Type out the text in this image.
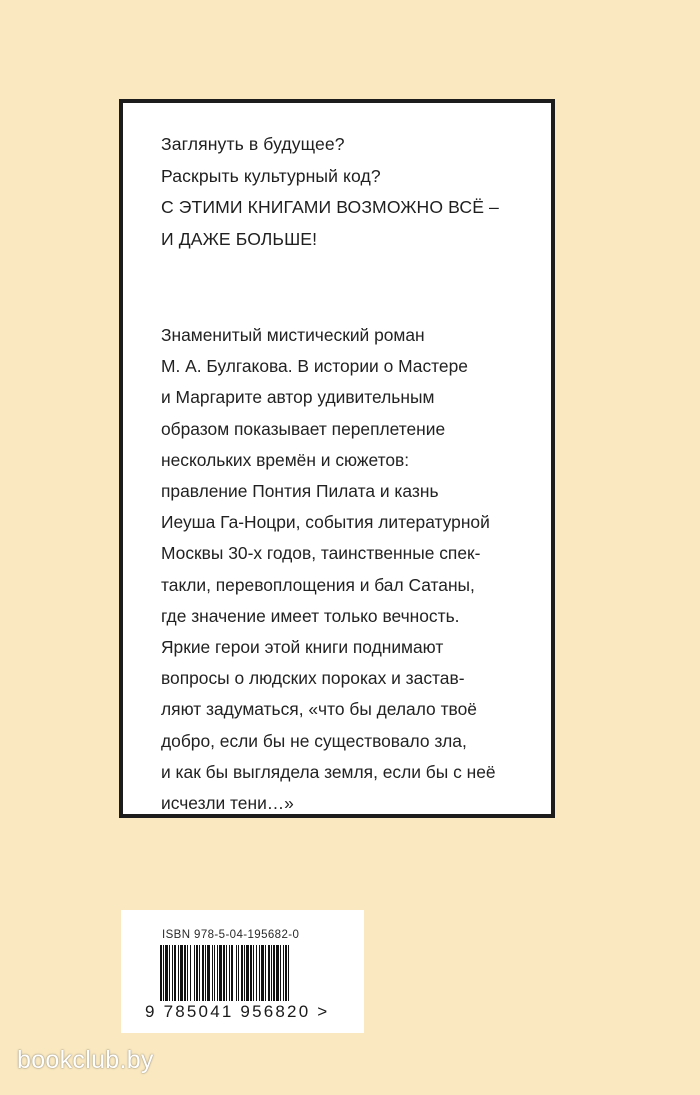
Заглянуть в будущее?
Раскрыть культурный код?
С ЭТИМИ КНИГАМИ ВОЗМОЖНО ВСЁ –
И ДАЖЕ БОЛЬШЕ!
Знаменитый мистический роман
М. А. Булгакова. В истории о Мастере
и Маргарите автор удивительным
образом показывает переплетение
нескольких времён и сюжетов:
правление Понтия Пилата и казнь
Иеуша Га-Ноцри, события литературной
Москвы 30-х годов, таинственные спек-
такли, перевоплощения и бал Сатаны,
где значение имеет только вечность.
Яркие герои этой книги поднимают
вопросы о людских пороках и застав-
ляют задуматься, «что бы делало твоё
добро, если бы не существовало зла,
и как бы выглядела земля, если бы с неё
исчезли тени…»
ISBN 978-5-04-195682-0
9 785041 956820 >
bookclub.by
